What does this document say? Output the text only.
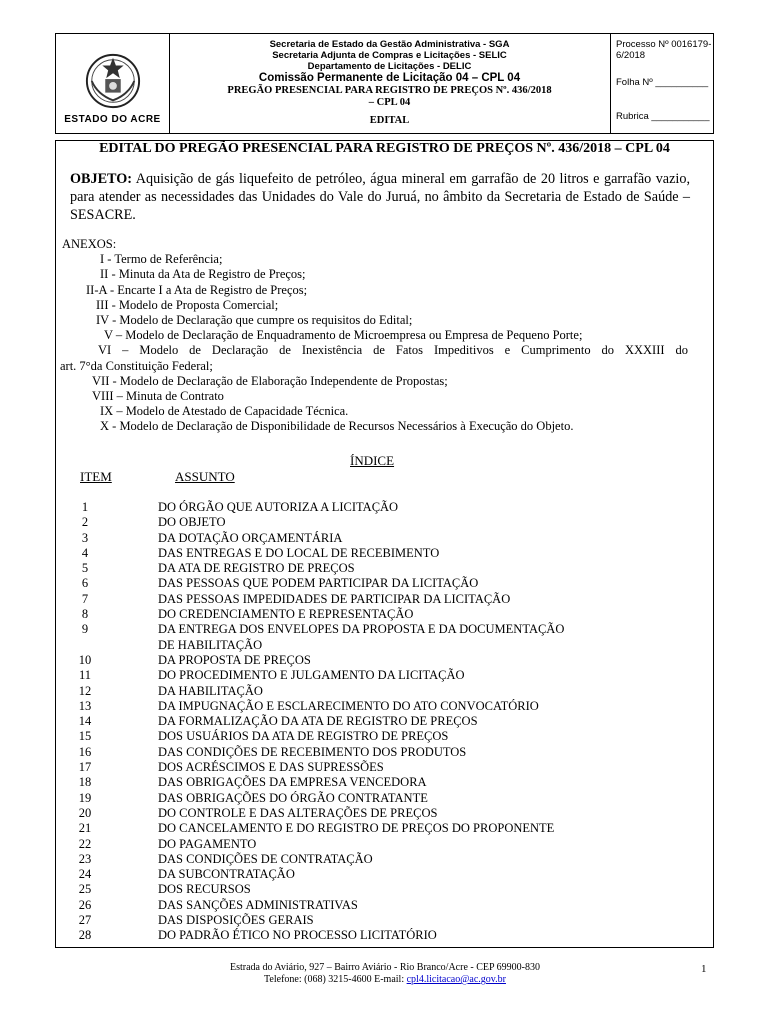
ESTADO DO ACRE
Secretaria de Estado da Gestão Administrativa - SGA
Secretaria Adjunta de Compras e Licitações - SELIC
Departamento de Licitações - DELIC
Comissão Permanente de Licitação 04 – CPL 04
PREGÃO PRESENCIAL PARA REGISTRO DE PREÇOS Nº. 436/2018
– CPL 04
EDITAL
Processo Nº 0016179-6/2018
Folha Nº __________
Rubrica ___________
EDITAL DO PREGÃO PRESENCIAL PARA REGISTRO DE PREÇOS Nº. 436/2018 – CPL 04
OBJETO: Aquisição de gás liquefeito de petróleo, água mineral em garrafão de 20 litros e garrafão vazio, para atender as necessidades das Unidades do Vale do Juruá, no âmbito da Secretaria de Estado de Saúde – SESACRE.
ANEXOS:
I - Termo de Referência;
II - Minuta da Ata de Registro de Preços;
II-A - Encarte I a Ata de Registro de Preços;
III - Modelo de Proposta Comercial;
IV - Modelo de Declaração que cumpre os requisitos do Edital;
V – Modelo de Declaração de Enquadramento de Microempresa ou Empresa de Pequeno Porte;
VI – Modelo de Declaração de Inexistência de Fatos Impeditivos e Cumprimento do XXXIII do
art. 7°da Constituição Federal;
VII - Modelo de Declaração de Elaboração Independente de Propostas;
VIII – Minuta de Contrato
IX – Modelo de Atestado de Capacidade Técnica.
X - Modelo de Declaração de Disponibilidade de Recursos Necessários à Execução do Objeto.
ÍNDICE
ITEM	ASSUNTO
1	DO ÓRGÃO QUE AUTORIZA A LICITAÇÃO
2	DO OBJETO
3	DA DOTAÇÃO ORÇAMENTÁRIA
4	DAS ENTREGAS E DO LOCAL DE RECEBIMENTO
5	DA ATA DE REGISTRO DE PREÇOS
6	DAS PESSOAS QUE PODEM PARTICIPAR DA LICITAÇÃO
7	DAS PESSOAS IMPEDIDADES DE PARTICIPAR DA LICITAÇÃO
8	DO CREDENCIAMENTO E REPRESENTAÇÃO
9	DA ENTREGA DOS ENVELOPES DA PROPOSTA E DA DOCUMENTAÇÃO
DE HABILITAÇÃO
10	DA PROPOSTA DE PREÇOS
11	DO PROCEDIMENTO E JULGAMENTO DA LICITAÇÃO
12	DA HABILITAÇÃO
13	DA IMPUGNAÇÃO E ESCLARECIMENTO DO ATO CONVOCATÓRIO
14	DA FORMALIZAÇÃO DA ATA DE REGISTRO DE PREÇOS
15	DOS USUÁRIOS DA ATA DE REGISTRO DE PREÇOS
16	DAS CONDIÇÕES DE RECEBIMENTO DOS PRODUTOS
17	DOS ACRÉSCIMOS E DAS SUPRESSÕES
18	DAS OBRIGAÇÕES DA EMPRESA VENCEDORA
19	DAS OBRIGAÇÕES DO ÓRGÃO CONTRATANTE
20	DO CONTROLE E DAS ALTERAÇÕES DE PREÇOS
21	DO CANCELAMENTO E DO REGISTRO DE PREÇOS DO PROPONENTE
22	DO PAGAMENTO
23	DAS CONDIÇÕES DE CONTRATAÇÃO
24	DA SUBCONTRATAÇÃO
25	DOS RECURSOS
26	DAS SANÇÕES ADMINISTRATIVAS
27	DAS DISPOSIÇÕES GERAIS
28	DO PADRÃO ÉTICO NO PROCESSO LICITATÓRIO
Estrada do Aviário, 927 – Bairro Aviário - Rio Branco/Acre - CEP 69900-830
Telefone: (068) 3215-4600 E-mail: cpl4.licitacao@ac.gov.br
1
